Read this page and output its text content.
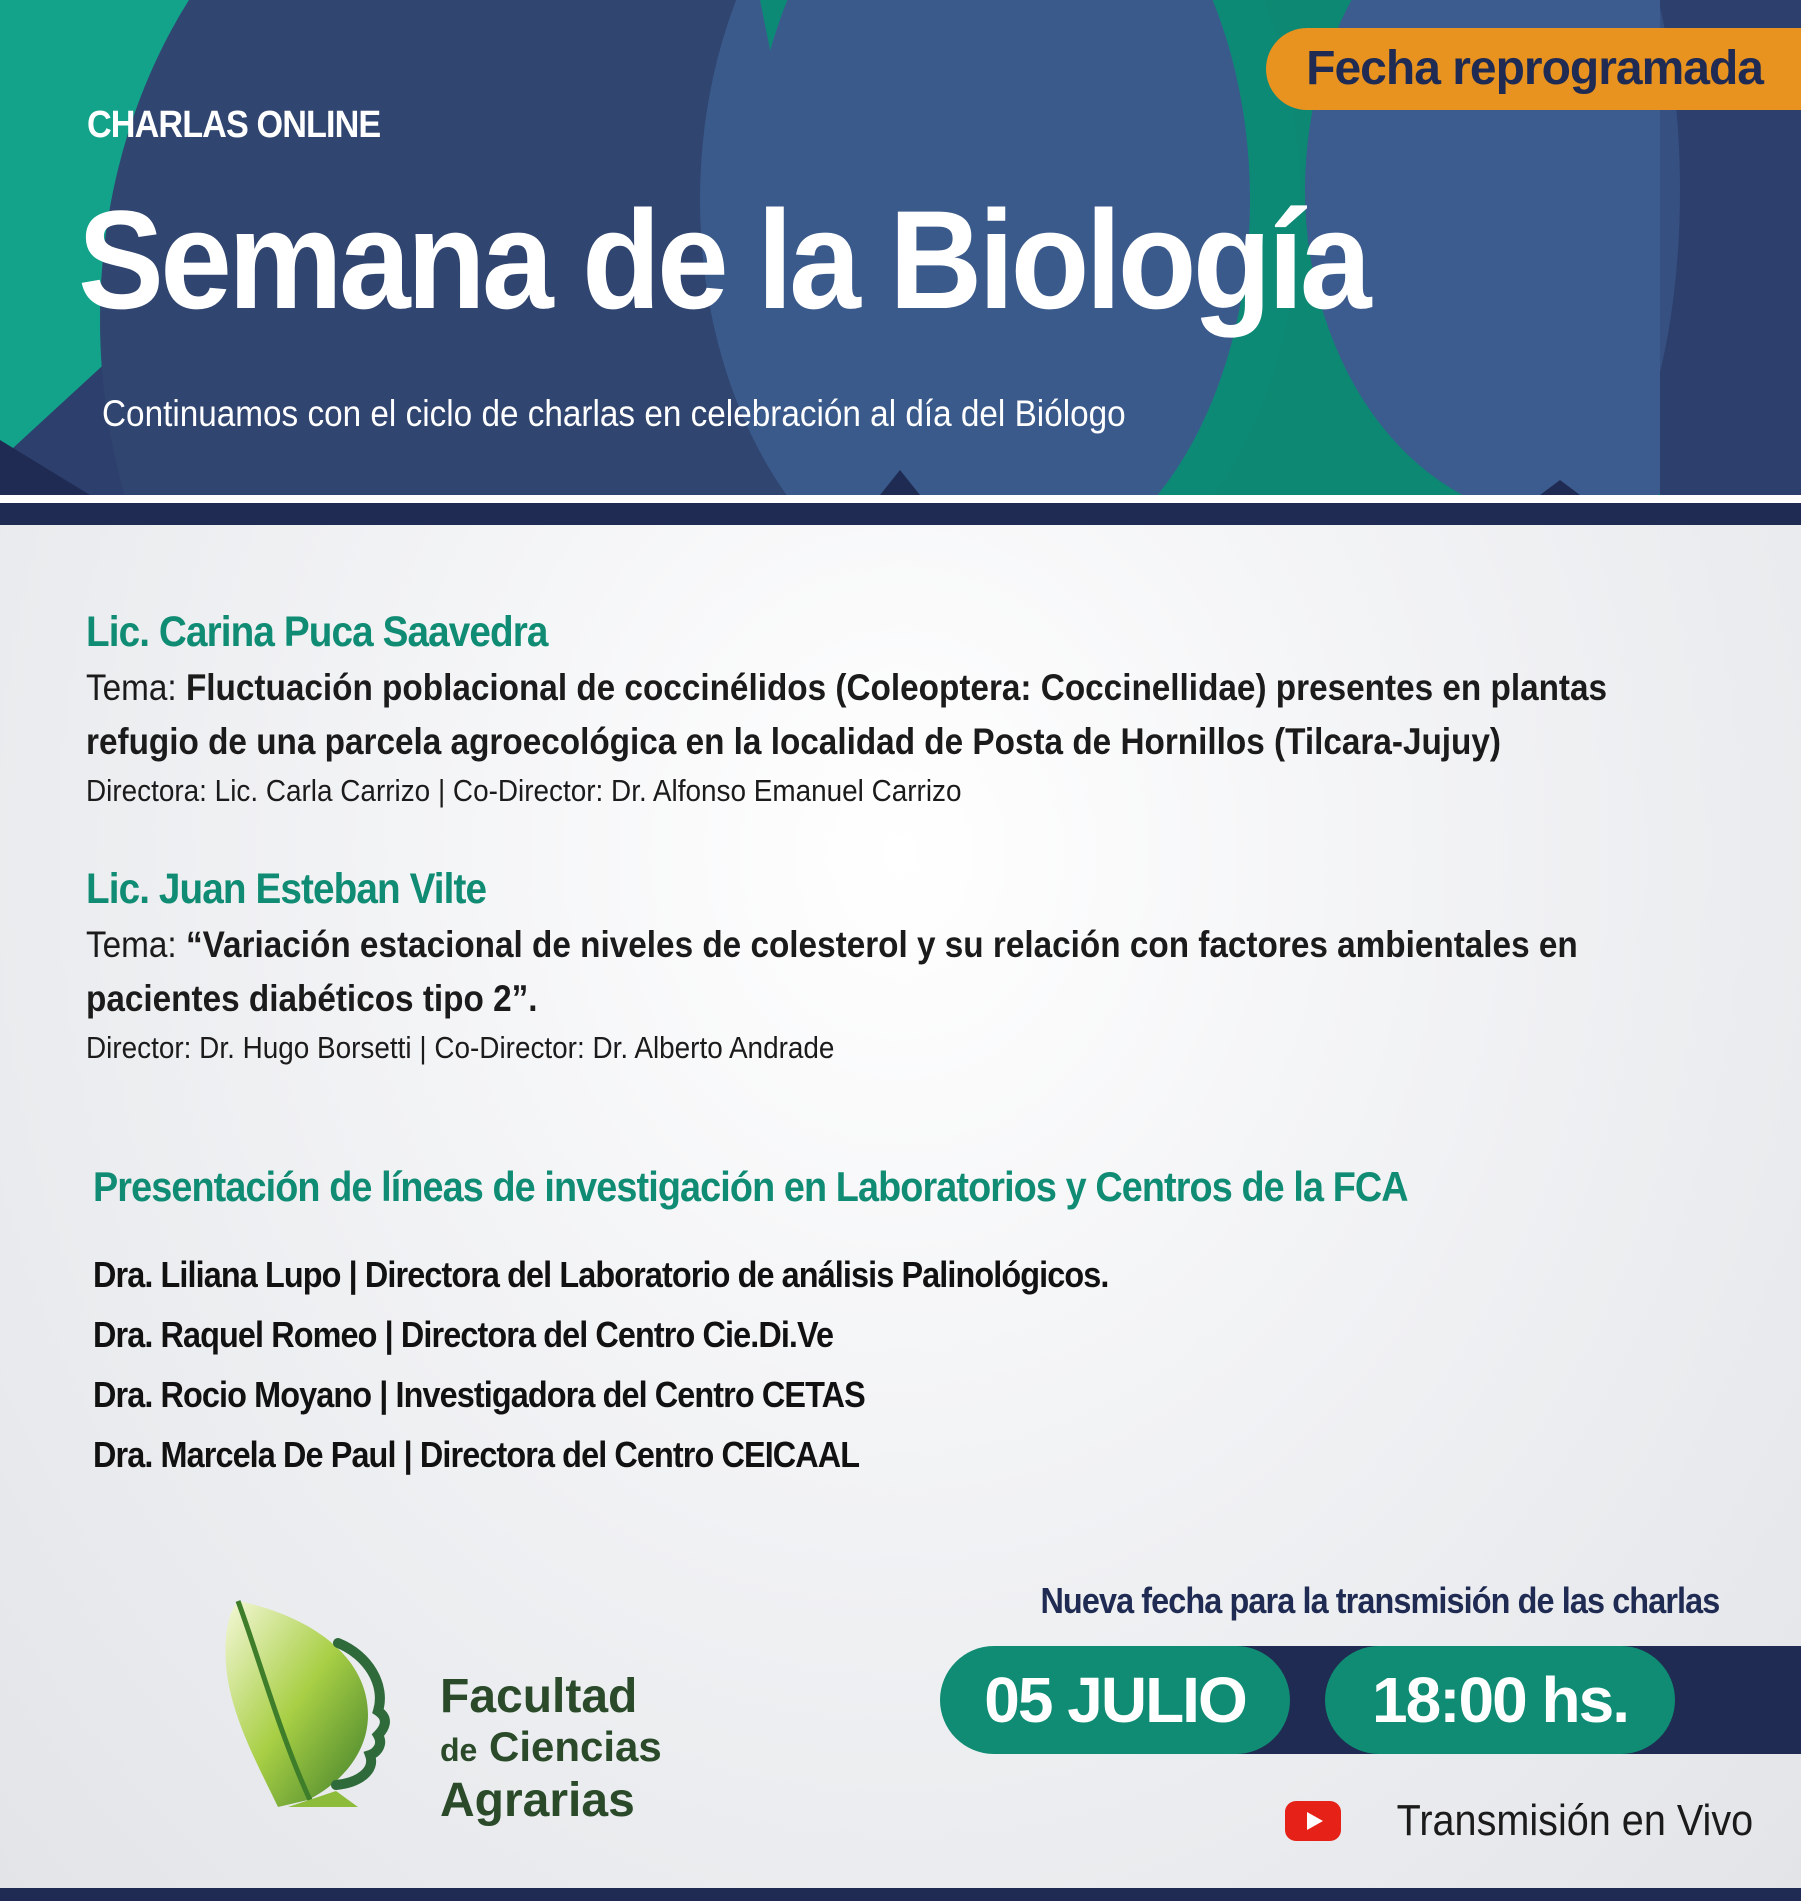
Fecha reprogramada
CHARLAS ONLINE
Semana de la Biología
Continuamos con el ciclo de charlas en celebración al día del Biólogo
Lic. Carina Puca Saavedra
Tema: Fluctuación poblacional de coccinélidos (Coleoptera: Coccinellidae) presentes en plantas refugio de una parcela agroecológica en la localidad de Posta de Hornillos (Tilcara-Jujuy)
Directora: Lic. Carla Carrizo | Co-Director: Dr. Alfonso Emanuel Carrizo
Lic. Juan Esteban Vilte
Tema: “Variación estacional de niveles de colesterol y su relación con factores ambientales en pacientes diabéticos tipo 2”.
Director: Dr. Hugo Borsetti | Co-Director: Dr. Alberto Andrade
Presentación de líneas de investigación en Laboratorios y Centros de la FCA
Dra. Liliana Lupo | Directora del Laboratorio de análisis Palinológicos.
Dra. Raquel Romeo | Directora del Centro Cie.Di.Ve
Dra. Rocio Moyano | Investigadora del Centro CETAS
Dra. Marcela De Paul | Directora del Centro CEICAAL
Facultad
de Ciencias
Agrarias
Nueva fecha para la transmisión de las charlas
05 JULIO	18:00 hs.
Transmisión en Vivo
